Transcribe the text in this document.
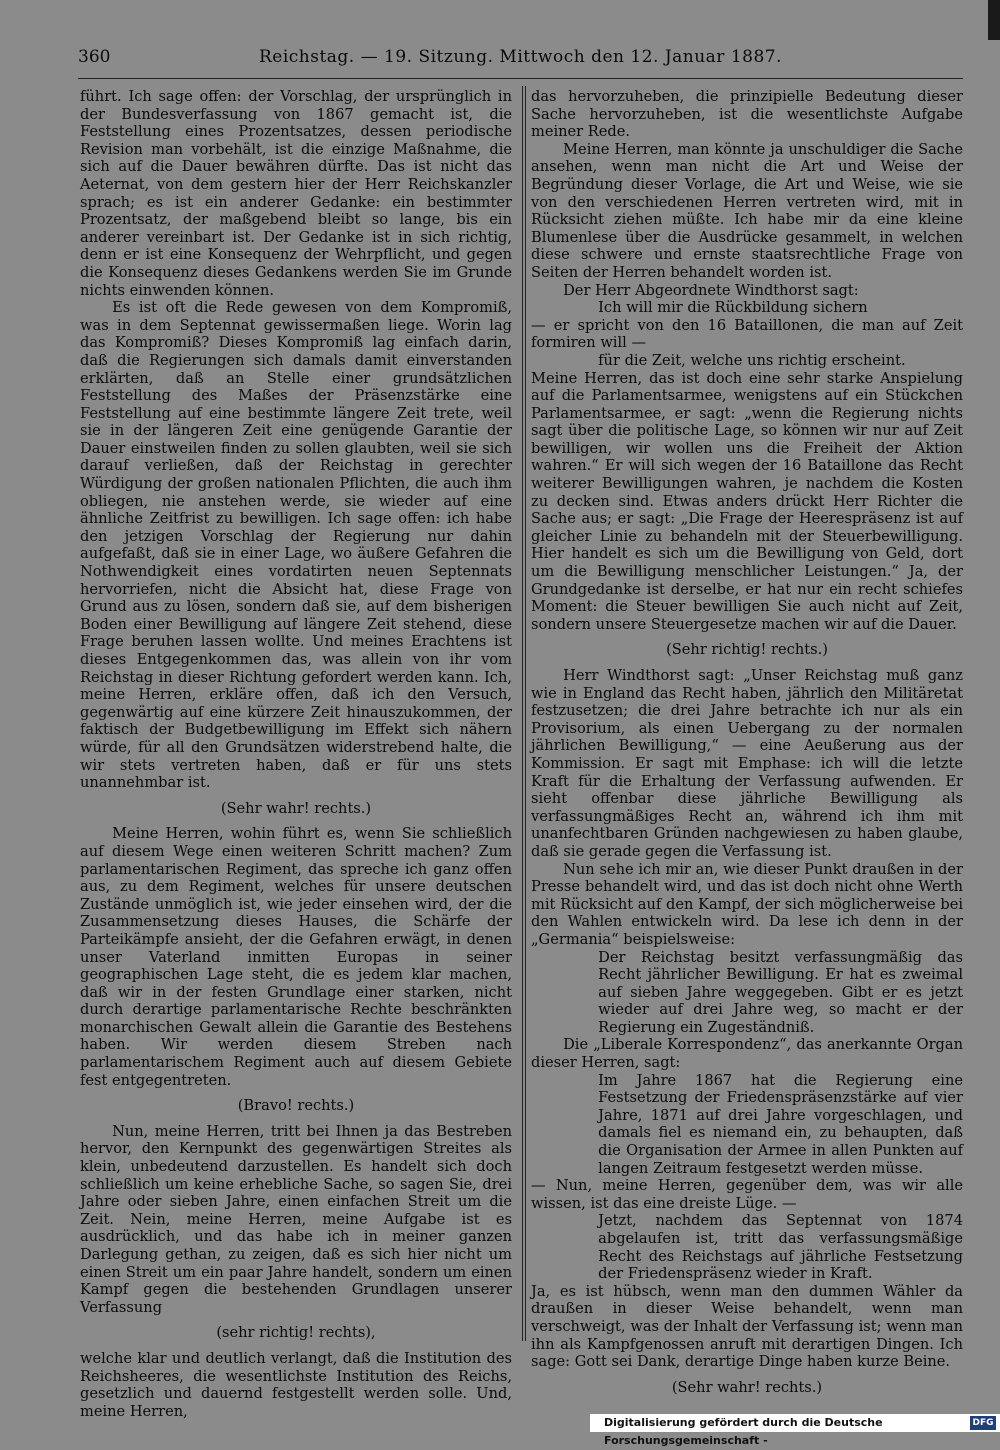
360	Reichstag. — 19. Sitzung. Mittwoch den 12. Januar 1887.

führt. Ich sage offen: der Vorschlag, der ursprünglich in der Bundesverfassung von 1867 gemacht ist, die Feststellung eines Prozentsatzes, dessen periodische Revision man vorbehält, ist die einzige Maßnahme, die sich auf die Dauer bewähren dürfte. Das ist nicht das Aeternat, von dem gestern hier der Herr Reichskanzler sprach; es ist ein anderer Gedanke: ein bestimmter Prozentsatz, der maßgebend bleibt so lange, bis ein anderer vereinbart ist. Der Gedanke ist in sich richtig, denn er ist eine Konsequenz der Wehrpflicht, und gegen die Konsequenz dieses Gedankens werden Sie im Grunde nichts einwenden können.

Es ist oft die Rede gewesen von dem Kompromiß, was in dem Septennat gewissermaßen liege. Worin lag das Kompromiß? Dieses Kompromiß lag einfach darin, daß die Regierungen sich damals damit einverstanden erklärten, daß an Stelle einer grundsätzlichen Feststellung des Maßes der Präsenzstärke eine Feststellung auf eine bestimmte längere Zeit trete, weil sie in der längeren Zeit eine genügende Garantie der Dauer einstweilen finden zu sollen glaubten, weil sie sich darauf verließen, daß der Reichstag in gerechter Würdigung der großen nationalen Pflichten, die auch ihm obliegen, nie anstehen werde, sie wieder auf eine ähnliche Zeitfrist zu bewilligen. Ich sage offen: ich habe den jetzigen Vorschlag der Regierung nur dahin aufgefaßt, daß sie in einer Lage, wo äußere Gefahren die Nothwendigkeit eines vordatirten neuen Septennats hervorriefen, nicht die Absicht hat, diese Frage von Grund aus zu lösen, sondern daß sie, auf dem bisherigen Boden einer Bewilligung auf längere Zeit stehend, diese Frage beruhen lassen wollte. Und meines Erachtens ist dieses Entgegenkommen das, was allein von ihr vom Reichstag in dieser Richtung gefordert werden kann. Ich, meine Herren, erkläre offen, daß ich den Versuch, gegenwärtig auf eine kürzere Zeit hinauszukommen, der faktisch der Budgetbewilligung im Effekt sich nähern würde, für all den Grundsätzen widerstrebend halte, die wir stets vertreten haben, daß er für uns stets unannehmbar ist.

(Sehr wahr! rechts.)

Meine Herren, wohin führt es, wenn Sie schließlich auf diesem Wege einen weiteren Schritt machen? Zum parlamentarischen Regiment, das spreche ich ganz offen aus, zu dem Regiment, welches für unsere deutschen Zustände unmöglich ist, wie jeder einsehen wird, der die Zusammensetzung dieses Hauses, die Schärfe der Parteikämpfe ansieht, der die Gefahren erwägt, in denen unser Vaterland inmitten Europas in seiner geographischen Lage steht, die es jedem klar machen, daß wir in der festen Grundlage einer starken, nicht durch derartige parlamentarische Rechte beschränkten monarchischen Gewalt allein die Garantie des Bestehens haben. Wir werden diesem Streben nach parlamentarischem Regiment auch auf diesem Gebiete fest entgegentreten.

(Bravo! rechts.)

Nun, meine Herren, tritt bei Ihnen ja das Bestreben hervor, den Kernpunkt des gegenwärtigen Streites als klein, unbedeutend darzustellen. Es handelt sich doch schließlich um keine erhebliche Sache, so sagen Sie, drei Jahre oder sieben Jahre, einen einfachen Streit um die Zeit. Nein, meine Herren, meine Aufgabe ist es ausdrücklich, und das habe ich in meiner ganzen Darlegung gethan, zu zeigen, daß es sich hier nicht um einen Streit um ein paar Jahre handelt, sondern um einen Kampf gegen die bestehenden Grundlagen unserer Verfassung

(sehr richtig! rechts),

welche klar und deutlich verlangt, daß die Institution des Reichsheeres, die wesentlichste Institution des Reichs, gesetzlich und dauernd festgestellt werden solle. Und, meine Herren,

das hervorzuheben, die prinzipielle Bedeutung dieser Sache hervorzuheben, ist die wesentlichste Aufgabe meiner Rede.

Meine Herren, man könnte ja unschuldiger die Sache ansehen, wenn man nicht die Art und Weise der Begründung dieser Vorlage, die Art und Weise, wie sie von den verschiedenen Herren vertreten wird, mit in Rücksicht ziehen müßte. Ich habe mir da eine kleine Blumenlese über die Ausdrücke gesammelt, in welchen diese schwere und ernste staatsrechtliche Frage von Seiten der Herren behandelt worden ist.

Der Herr Abgeordnete Windthorst sagt:

Ich will mir die Rückbildung sichern

— er spricht von den 16 Bataillonen, die man auf Zeit formiren will —

für die Zeit, welche uns richtig erscheint.

Meine Herren, das ist doch eine sehr starke Anspielung auf die Parlamentsarmee, wenigstens auf ein Stückchen Parlamentsarmee, er sagt: „wenn die Regierung nichts sagt über die politische Lage, so können wir nur auf Zeit bewilligen, wir wollen uns die Freiheit der Aktion wahren.“ Er will sich wegen der 16 Bataillone das Recht weiterer Bewilligungen wahren, je nachdem die Kosten zu decken sind. Etwas anders drückt Herr Richter die Sache aus; er sagt: „Die Frage der Heerespräsenz ist auf gleicher Linie zu behandeln mit der Steuerbewilligung. Hier handelt es sich um die Bewilligung von Geld, dort um die Bewilligung menschlicher Leistungen.“ Ja, der Grundgedanke ist derselbe, er hat nur ein recht schiefes Moment: die Steuer bewilligen Sie auch nicht auf Zeit, sondern unsere Steuergesetze machen wir auf die Dauer.

(Sehr richtig! rechts.)

Herr Windthorst sagt: „Unser Reichstag muß ganz wie in England das Recht haben, jährlich den Militäretat festzusetzen; die drei Jahre betrachte ich nur als ein Provisorium, als einen Uebergang zu der normalen jährlichen Bewilligung,“ — eine Aeußerung aus der Kommission. Er sagt mit Emphase: ich will die letzte Kraft für die Erhaltung der Verfassung aufwenden. Er sieht offenbar diese jährliche Bewilligung als verfassungmäßiges Recht an, während ich ihm mit unanfechtbaren Gründen nachgewiesen zu haben glaube, daß sie gerade gegen die Verfassung ist.

Nun sehe ich mir an, wie dieser Punkt draußen in der Presse behandelt wird, und das ist doch nicht ohne Werth mit Rücksicht auf den Kampf, der sich möglicherweise bei den Wahlen entwickeln wird. Da lese ich denn in der „Germania“ beispielsweise:

Der Reichstag besitzt verfassungmäßig das Recht jährlicher Bewilligung. Er hat es zweimal auf sieben Jahre weggegeben. Gibt er es jetzt wieder auf drei Jahre weg, so macht er der Regierung ein Zugeständniß.

Die „Liberale Korrespondenz“, das anerkannte Organ dieser Herren, sagt:

Im Jahre 1867 hat die Regierung eine Festsetzung der Friedenspräsenzstärke auf vier Jahre, 1871 auf drei Jahre vorgeschlagen, und damals fiel es niemand ein, zu behaupten, daß die Organisation der Armee in allen Punkten auf langen Zeitraum festgesetzt werden müsse.

— Nun, meine Herren, gegenüber dem, was wir alle wissen, ist das eine dreiste Lüge. —

Jetzt, nachdem das Septennat von 1874 abgelaufen ist, tritt das verfassungsmäßige Recht des Reichstags auf jährliche Festsetzung der Friedenspräsenz wieder in Kraft.

Ja, es ist hübsch, wenn man den dummen Wähler da draußen in dieser Weise behandelt, wenn man verschweigt, was der Inhalt der Verfassung ist; wenn man ihn als Kampfgenossen anruft mit derartigen Dingen. Ich sage: Gott sei Dank, derartige Dinge haben kurze Beine.

(Sehr wahr! rechts.)

Digitalisierung gefördert durch die Deutsche Forschungsgemeinschaft -
DFG
